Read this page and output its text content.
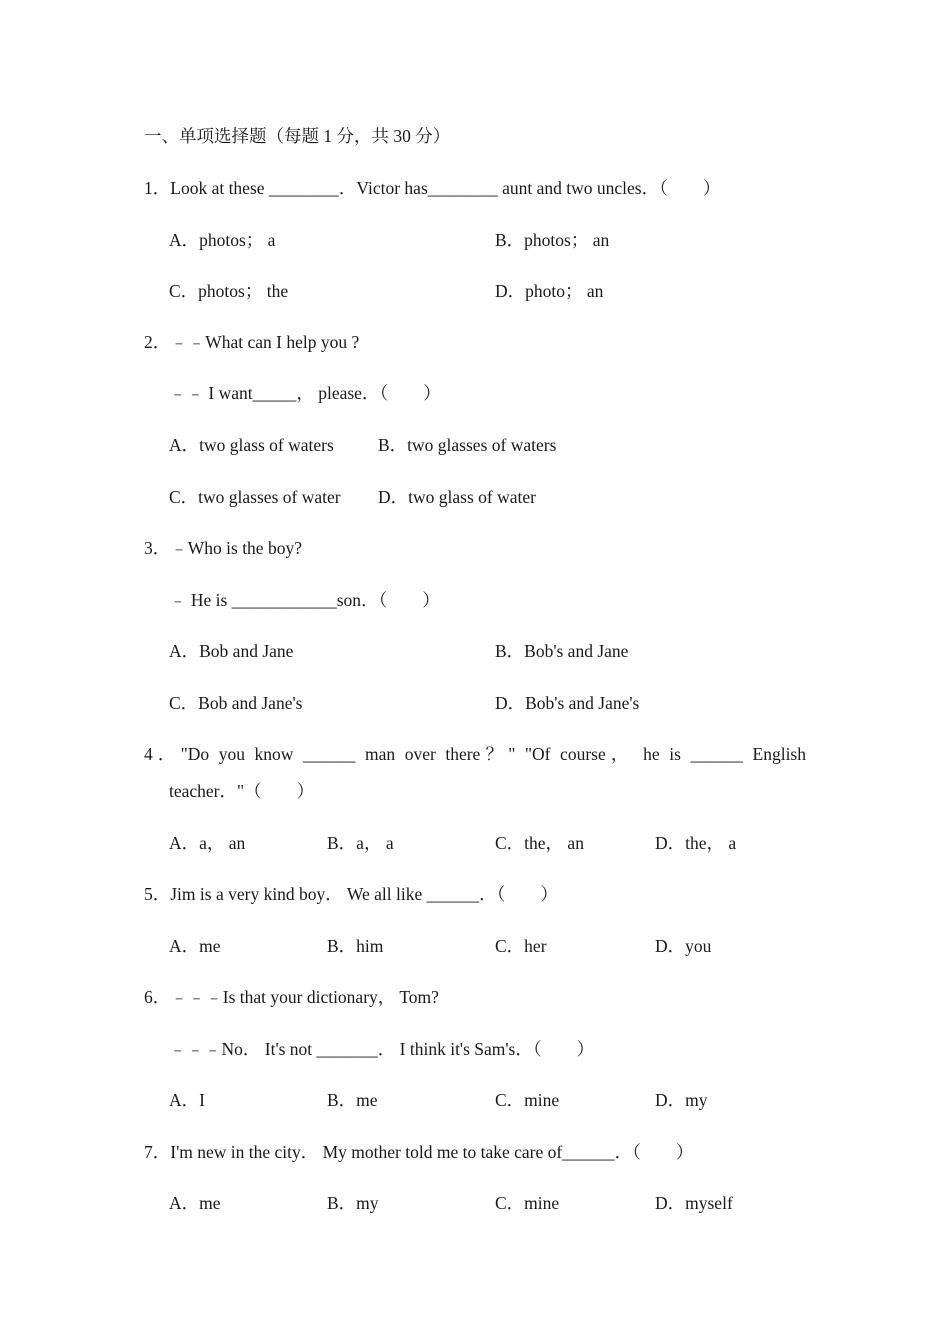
一、单项选择题（每题 1 分，共 30 分）
1．Look at these ________．Victor has________ aunt and two uncles．（　　）
A．photos； a	B．photos； an
C．photos； the	D．photo； an
2．﹣﹣What can I help you ?
﹣﹣ I want_____， please．（　　）
A．two glass of waters	B．two glasses of waters
C．two glasses of water D．two glass of water
3．﹣Who is the boy?
﹣ He is ____________son．（　　）
A．Bob and Jane	B．Bob's and Jane
C．Bob and Jane's	D．Bob's and Jane's
4．"Do you know ______ man over there？" "Of course， he is ______ English
teacher．"（　　）
A．a， an	B．a， a	C．the， an	D．the， a
5．Jim is a very kind boy． We all like ______．（　　）
A．me	B．him	C．her	D．you
6．﹣﹣﹣Is that your dictionary， Tom?
﹣﹣﹣No． It's not _______． I think it's Sam's．（　　）
A．I	B．me	C．mine	D．my
7．I'm new in the city． My mother told me to take care of______．（　　）
A．me	B．my	C．mine	D．myself
